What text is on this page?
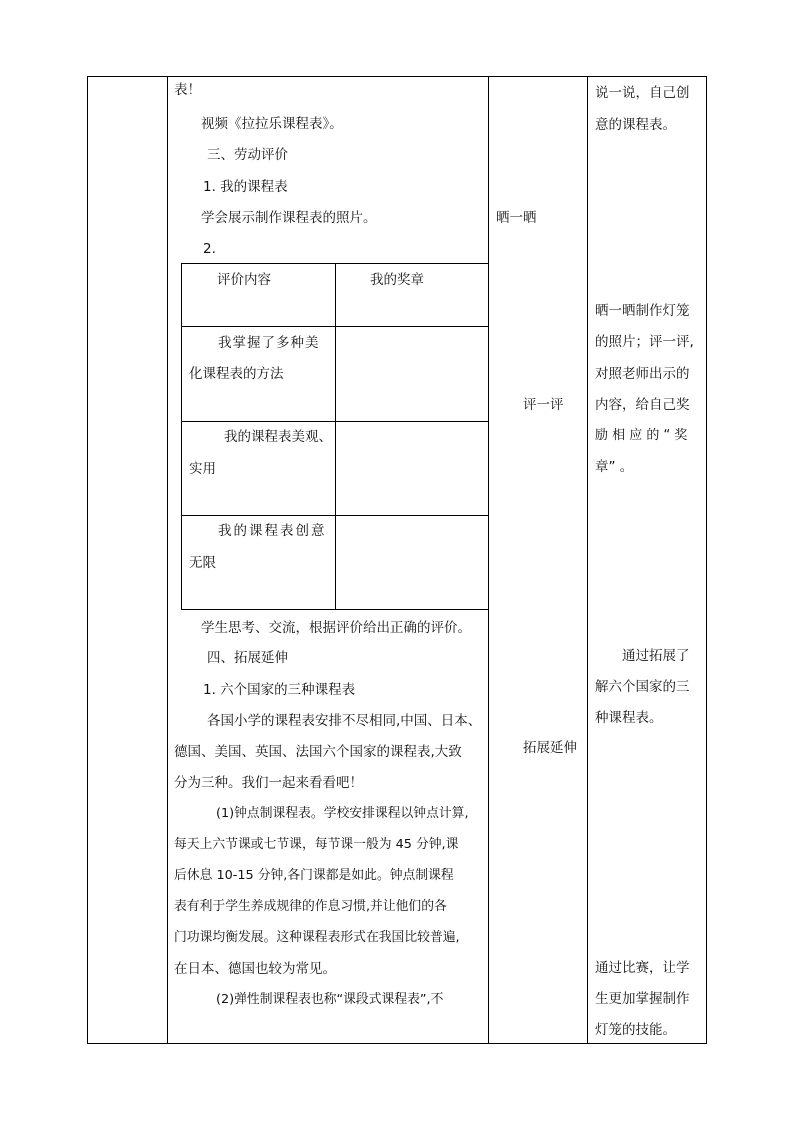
表！
视频《拉拉乐课程表》。
三、劳动评价
1. 我的课程表
学会展示制作课程表的照片。
2.
评价内容	我的奖章
我掌握了多种美
化课程表的方法
我的课程表美观、
实用
我的课程表创意
无限
学生思考、交流，根据评价给出正确的评价。
四、拓展延伸
1. 六个国家的三种课程表
各国小学的课程表安排不尽相同,中国、日本、
德国、美国、英国、法国六个国家的课程表,大致
分为三种。我们一起来看看吧！
(1)钟点制课程表。学校安排课程以钟点计算,
每天上六节课或七节课，每节课一般为 45 分钟,课
后休息 10-15 分钟,各门课都是如此。钟点制课程
表有利于学生养成规律的作息习惯,并让他们的各
门功课均衡发展。这种课程表形式在我国比较普遍,
在日本、德国也较为常见。
(2)弹性制课程表也称“课段式课程表”,不
晒一晒
评一评
拓展延伸
说一说，自己创
意的课程表。
晒一晒制作灯笼
的照片；评一评,
对照老师出示的
内容，给自己奖
励 相 应 的 “ 奖
章” 。
通过拓展了
解六个国家的三
种课程表。
通过比赛，让学
生更加掌握制作
灯笼的技能。
